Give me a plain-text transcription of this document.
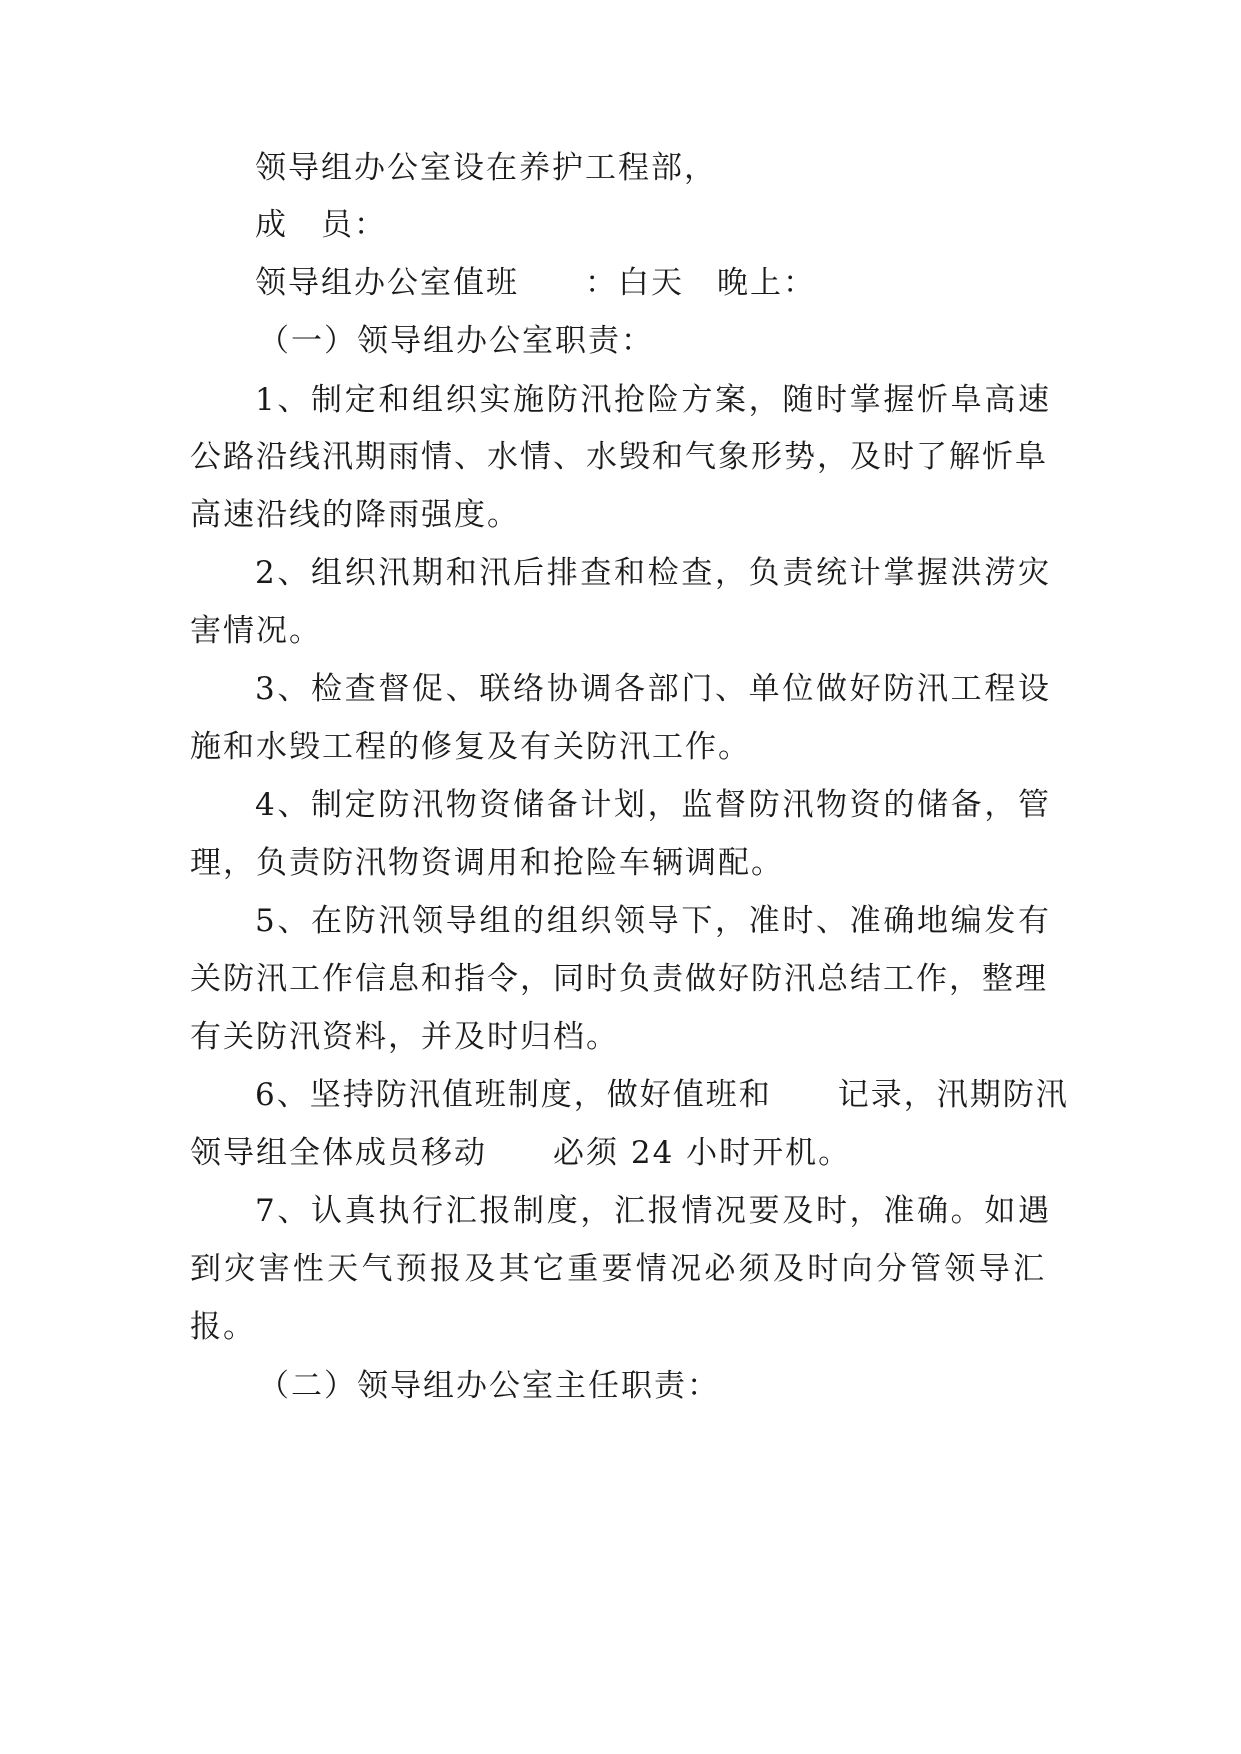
领导组办公室设在养护工程部，
成　员：
领导组办公室值班　　：白天　晚上：
（一）领导组办公室职责：
1、制定和组织实施防汛抢险方案，随时掌握忻阜高速
公路沿线汛期雨情、水情、水毁和气象形势，及时了解忻阜
高速沿线的降雨强度。
2、组织汛期和汛后排查和检查，负责统计掌握洪涝灾
害情况。
3、检查督促、联络协调各部门、单位做好防汛工程设
施和水毁工程的修复及有关防汛工作。
4、制定防汛物资储备计划，监督防汛物资的储备，管
理，负责防汛物资调用和抢险车辆调配。
5、在防汛领导组的组织领导下，准时、准确地编发有
关防汛工作信息和指令，同时负责做好防汛总结工作，整理
有关防汛资料，并及时归档。
6、坚持防汛值班制度，做好值班和　　记录，汛期防汛
领导组全体成员移动　　必须 24 小时开机。
7、认真执行汇报制度，汇报情况要及时，准确。如遇
到灾害性天气预报及其它重要情况必须及时向分管领导汇
报。
（二）领导组办公室主任职责：
